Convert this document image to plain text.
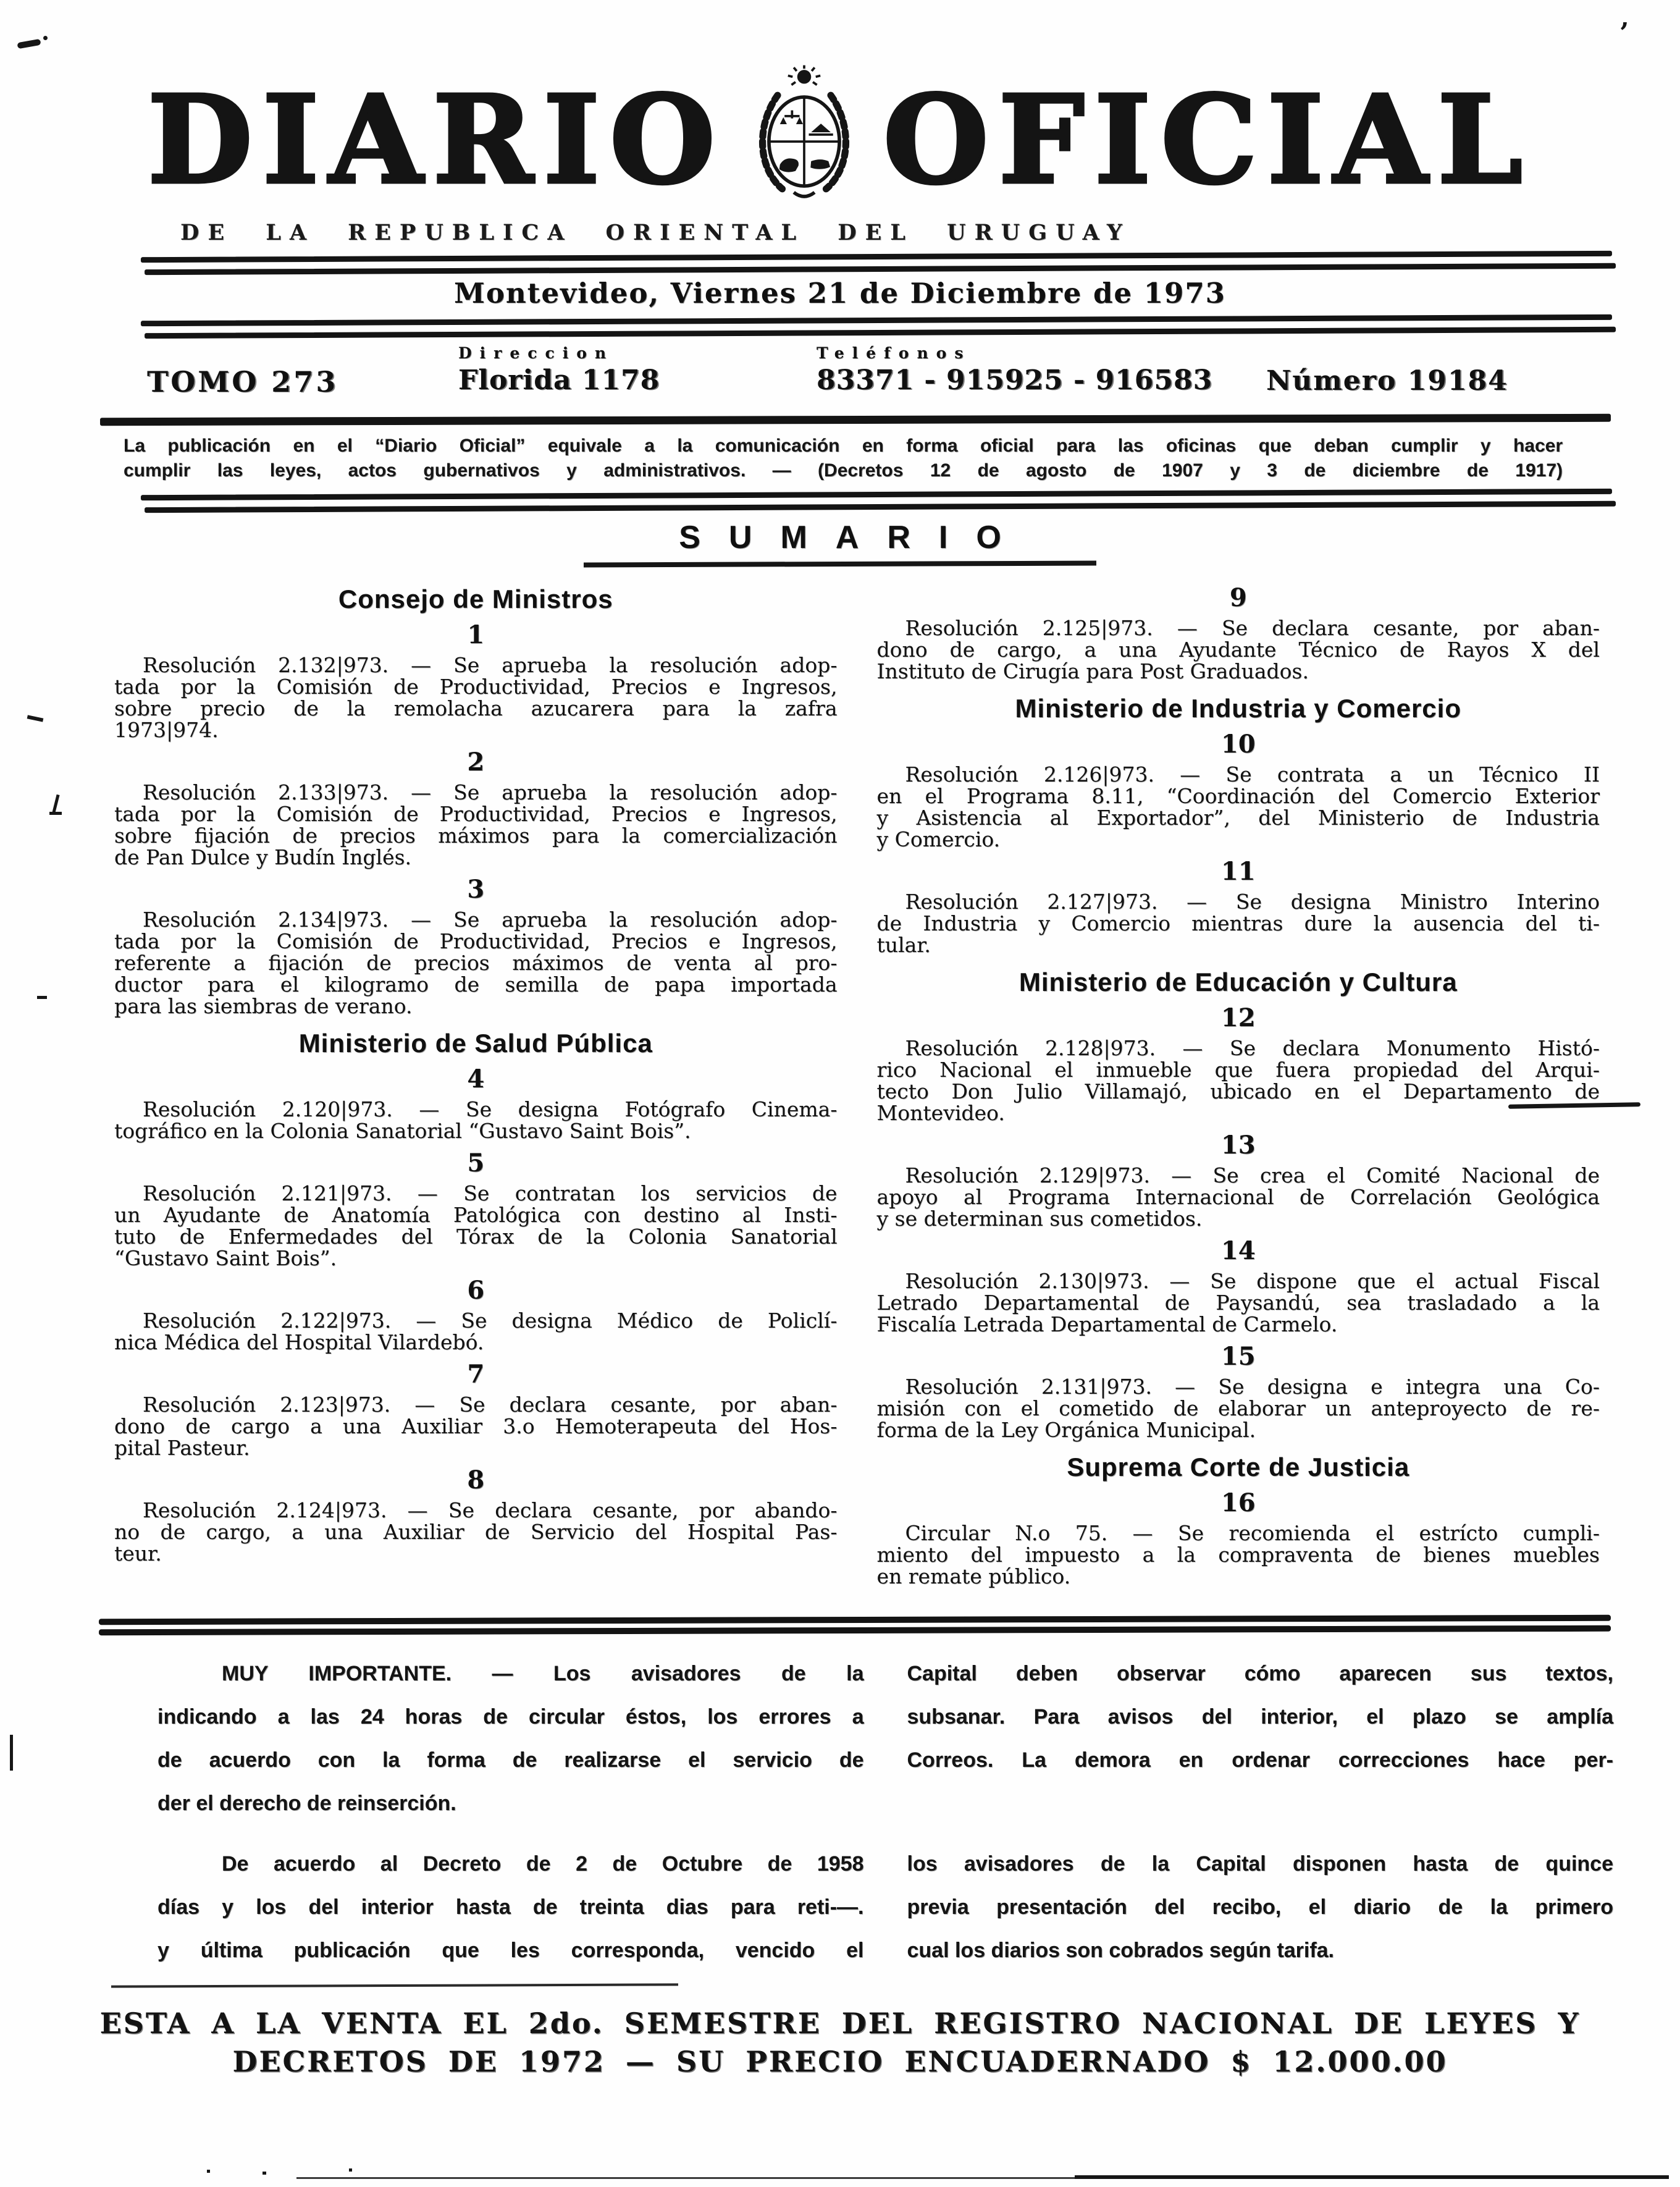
DIARIO OFICIAL
DE LA REPUBLICA ORIENTAL DEL URUGUAY
Montevideo, Viernes 21 de Diciembre de 1973
TOMO 273
Direccion
Florida 1178
Teléfonos
83371 - 915925 - 916583 Número 19184
La publicación en el “Diario Oficial” equivale a la comunicación en forma oficial para las oficinas que deban cumplir y hacer
cumplir las leyes, actos gubernativos y administrativos. — (Decretos 12 de agosto de 1907 y 3 de diciembre de 1917)
SUMARIO
Consejo de Ministros
1
Resolución 2.132|973. — Se aprueba la resolución adop-
tada por la Comisión de Productividad, Precios e Ingresos,
sobre precio de la remolacha azucarera para la zafra
1973|974.
2
Resolución 2.133|973. — Se aprueba la resolución adop-
tada por la Comisión de Productividad, Precios e Ingresos,
sobre fijación de precios máximos para la comercialización
de Pan Dulce y Budín Inglés.
3
Resolución 2.134|973. — Se aprueba la resolución adop-
tada por la Comisión de Productividad, Precios e Ingresos,
referente a fijación de precios máximos de venta al pro-
ductor para el kilogramo de semilla de papa importada
para las siembras de verano.
Ministerio de Salud Pública
4
Resolución 2.120|973. — Se designa Fotógrafo Cinema-
tográfico en la Colonia Sanatorial “Gustavo Saint Bois”.
5
Resolución 2.121|973. — Se contratan los servicios de
un Ayudante de Anatomía Patológica con destino al Insti-
tuto de Enfermedades del Tórax de la Colonia Sanatorial
“Gustavo Saint Bois”.
6
Resolución 2.122|973. — Se designa Médico de Policlí-
nica Médica del Hospital Vilardebó.
7
Resolución 2.123|973. — Se declara cesante, por aban-
dono de cargo a una Auxiliar 3.o Hemoterapeuta del Hos-
pital Pasteur.
8
Resolución 2.124|973. — Se declara cesante, por abando-
no de cargo, a una Auxiliar de Servicio del Hospital Pas-
teur.
9
Resolución 2.125|973. — Se declara cesante, por aban-
dono de cargo, a una Ayudante Técnico de Rayos X del
Instituto de Cirugía para Post Graduados.
Ministerio de Industria y Comercio
10
Resolución 2.126|973. — Se contrata a un Técnico II
en el Programa 8.11, “Coordinación del Comercio Exterior
y Asistencia al Exportador”, del Ministerio de Industria
y Comercio.
11
Resolución 2.127|973. — Se designa Ministro Interino
de Industria y Comercio mientras dure la ausencia del ti-
tular.
Ministerio de Educación y Cultura
12
Resolución 2.128|973. — Se declara Monumento Histó-
rico Nacional el inmueble que fuera propiedad del Arqui-
tecto Don Julio Villamajó, ubicado en el Departamento de
Montevideo.
13
Resolución 2.129|973. — Se crea el Comité Nacional de
apoyo al Programa Internacional de Correlación Geológica
y se determinan sus cometidos.
14
Resolución 2.130|973. — Se dispone que el actual Fiscal
Letrado Departamental de Paysandú, sea trasladado a la
Fiscalía Letrada Departamental de Carmelo.
15
Resolución 2.131|973. — Se designa e integra una Co-
misión con el cometido de elaborar un anteproyecto de re-
forma de la Ley Orgánica Municipal.
Suprema Corte de Justicia
16
Circular N.o 75. — Se recomienda el estrícto cumpli-
miento del impuesto a la compraventa de bienes muebles
en remate público.
MUY IMPORTANTE. — Los avisadores de la
indicando a las 24 horas de circular éstos, los errores a
de acuerdo con la forma de realizarse el servicio de
der el derecho de reinserción.
Capital deben observar cómo aparecen sus textos,
subsanar. Para avisos del interior, el plazo se amplía
Correos. La demora en ordenar correcciones hace per-
De acuerdo al Decreto de 2 de Octubre de 1958
días y los del interior hasta de treinta dias para reti-—.
y última publicación que les corresponda, vencido el
los avisadores de la Capital disponen hasta de quince
previa presentación del recibo, el diario de la primero
cual los diarios son cobrados según tarifa.
ESTA A LA VENTA EL 2do. SEMESTRE DEL REGISTRO NACIONAL DE LEYES Y
DECRETOS DE 1972 — SU PRECIO ENCUADERNADO $ 12.000.00
’
